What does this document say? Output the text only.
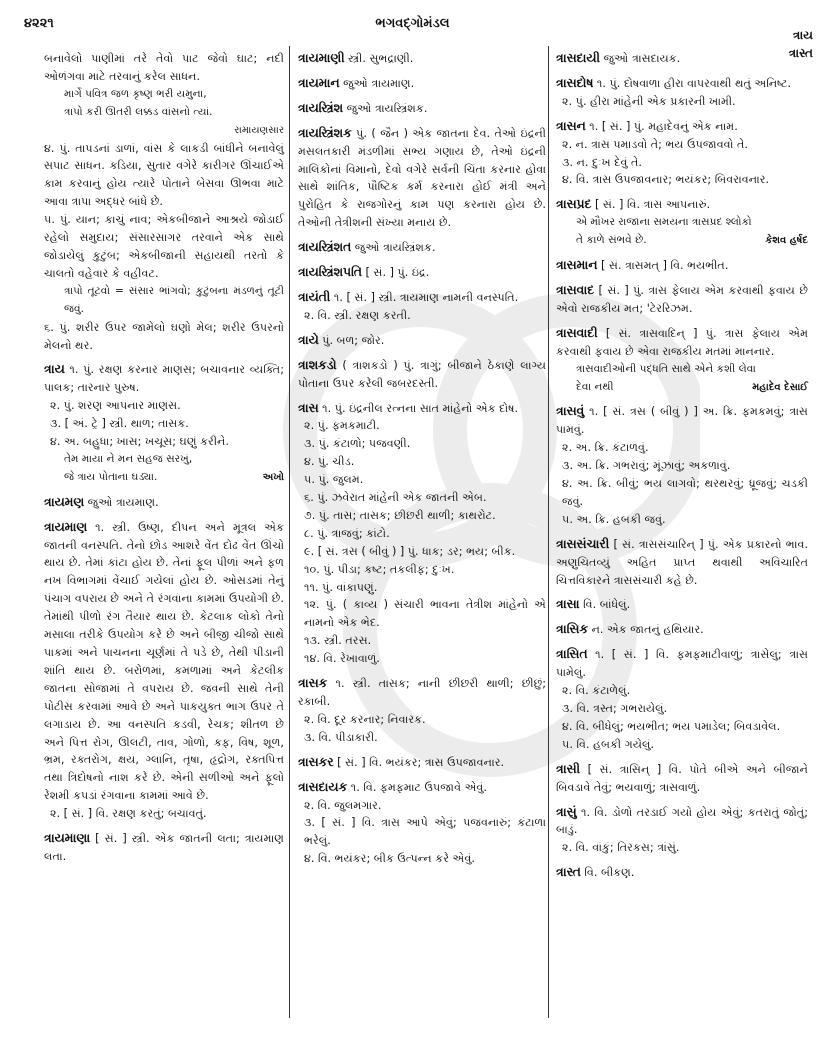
૪૨૨૧	ભગવદ્ગોમંડલ
ત્રાય
ત્રાસ્ત
બનાવેલો પાણીમાં તરે તેવો પાટ જેવો ઘાટ; નદી ઓળંગવા માટે તરવાનું કરેલ સાધન.
માર્ગે પવિત્ર જળ કૃષ્ણ ભરી યમુના,
ત્રાપો કરી ઊતરી લક્કડ વાંસનો ત્યાં.
રામાયણસાર
૪. પું. તાપડનાં ડાળાં, વાંસ કે લાકડી બાંધીને બનાવેલું સપાટ સાધન. કડિયા, સુતાર વગેરે કારીગર ઊંચાઈએ કામ કરવાનું હોય ત્યારે પોતાને બેસવા ઊભવા માટે આવા ત્રાપા અદ્ધર બાંધે છે.
૫. પું. યાન; કાચું નાવ; એકબીજાને આશ્રયે જોડાઈ રહેલો સમુદાય; સંસારસાગર તરવાને એક સાથે જોડાયેલું કુટુંબ; એકબીજાની સહાયથી તરતો કે ચાલતો વહેવાર કે વહીવટ.
ત્રાપો તૂટવો = સંસાર ભાંગવો; કુટુંબના મંડળનું તૂટી જવું.
૬. પું. શરીર ઉપર જામેલો ઘણો મેલ; શરીર ઉપરનો મેલનો થર.
ત્રાય ૧. પું. રક્ષણ કરનાર માણસ; બચાવનાર વ્યક્તિ; પાલક; તારનાર પુરુષ.
૨. પું. શરણ આપનાર માણસ.
૩. [ અં. ટ્રે ] સ્ત્રી. થાળ; તાસક.
૪. અ. બહુધા; ખાસ; ખચૂસ; ઘણું કરીને.
તેમ માયા ને મન સહજ સરખું,
જે ત્રાય પોતાના ઘડ્યા.	અખો
ત્રાયમણ જુઓ ત્રાયમાણ.
ત્રાયમાણ ૧. સ્ત્રી. ઉષ્ણ, દીપન અને મૂત્રલ એક જાતની વનસ્પતિ. તેનો છોડ આશરે વેંત દોઢ વેંત ઊંચો થાય છે. તેમાં કાંટા હોય છે. તેનાં ફૂલ પીળાં અને ફળ નખ વિભાગમાં વેંચાઈ ગયેલાં હોય છે. ઓસડમાં તેનું પંચાગ વપરાય છે અને તે રંગવાના કામમાં ઉપયોગી છે. તેમાંથી પીળો રંગ તૈયાર થાય છે. કેટલાક લોકો તેનો મસાલા તરીકે ઉપયોગ કરે છે અને બીજી ચીજો સાથે પાકમાં અને પાચનના ચૂર્ણમાં તે પડે છે, તેથી પીડાની શાંતિ થાય છે. બરોળમાં, કમળામાં અને કેટલીક જાતના સોજામાં તે વપરાય છે. જવની સાથે તેની પોટીસ કરવામાં આવે છે અને પાકયુક્ત ભાગ ઉપર તે લગાડાય છે. આ વનસ્પતિ કડવી, રેચક; શીતળ છે અને પિત્ત રોગ, ઊલટી, તાવ, ગોળો, કફ, વિષ, શૂળ, ભ્રમ, રક્તરોગ, ક્ષય, ગ્લાનિ, તૃષા, હૃદ્રોગ, રક્તપિત્ત તથા ત્રિદોષનો નાશ કરે છે. એની સળીઓ અને ફૂલો રેશમી કપડાં રંગવાના કામમાં આવે છે.
૨. [ સં. ] વિ. રક્ષણ કરતું; બચાવતું.
ત્રાયમાણા [ સં. ] સ્ત્રી. એક જાતની લતા; ત્રાયમાણ લતા.
ત્રાયમાણી સ્ત્રી. સુભદ્રાણી.
ત્રાયમાન જુઓ ત્રાયમાણ.
ત્રાયસ્ત્રિંશ જુઓ ત્રાયસ્ત્રિંશક.
ત્રાયસ્ત્રિંશક પું. ( જૈન ) એક જાતના દેવ. તેઓ ઇંદ્રની મસલતકારી મંડળીમાં સભ્ય ગણાય છે, તેઓ ઇંદ્રની માલિકોનાં વિમાનો, દેવો વગેરે સર્વની ચિંતા કરનાર હોવા સાથે શાંતિક, પૌષ્ટિક કર્મ કરનારા હોઈ મંત્રી અને પુરોહિત કે રાજગોરનું કામ પણ કરનારા હોય છે. તેઓની તેત્રીશની સંખ્યા મનાય છે.
ત્રાયસ્ત્રિંશત જુઓ ત્રાયસ્ત્રિંશક.
ત્રાયસ્ત્રિંશપતિ [ સં. ] પું. ઇંદ્ર.
ત્રાયંતી ૧. [ સં. ] સ્ત્રી. ત્રાયમાણ નામની વનસ્પતિ.
૨. વિ. સ્ત્રી. રક્ષણ કરતી.
ત્રાયે પું. બળ; જોર.
ત્રાશકડો ( ત્રાશકડો ) પું. ત્રાગું; બીજાને ઠેકાણે લાગ્ય પોતાના ઉપર કરેલી જબરદસ્તી.
ત્રાસ ૧. પું. ઇંદ્રનીલ રત્નના સાત માંહેનો એક દોષ.
૨. પું. ફમકમાટી.
૩. પું. કંટાળો; પજવણી.
૪. પું. ચીડ.
૫. પું. જુલમ.
૬. પું. ઝવેરાત માંહેની એક જાતની એબ.
૭. પું. તાસ; તાસક; છીછરી થાળી; કાથરોટ.
૮. પું. ત્રાજવું; કાંટો.
૯. [ સં. ત્રસ ( બીવું ) ] પું. ધાક; ડર; ભય; બીક.
૧૦. પું. પીડા; કષ્ટ; તકલીફ; દુઃખ.
૧૧. પું. વાંકાપણું.
૧૨. પું. ( કાવ્ય ) સંચારી ભાવના તેત્રીશ માંહેનો એ નામનો એક ભેદ.
૧૩. સ્ત્રી. તરસ.
૧૪. વિ. રેખાવાળું.
ત્રાસક ૧. સ્ત્રી. તાસક; નાની છીછરી થાળી; છીછું; રકાબી.
૨. વિ. દૂર કરનાર; નિવારક.
૩. વિ. પીડાકારી.
ત્રાસકર [ સં. ] વિ. ભયંકર; ત્રાસ ઉપજાવનાર.
ત્રાસદાયક ૧. વિ. ફમફમાટ ઉપજાવે એવું.
૨. વિ. જુલમગાર.
૩. [ સં. ] વિ. ત્રાસ આપે એવું; પજવનારું; કંટાળા ભરેલું.
૪. વિ. ભયંકર; બીક ઉત્પન્ન કરે એવું.
ત્રાસદાયી જુઓ ત્રાસદાયક.
ત્રાસદોષ ૧. પું. દોષવાળા હીરા વાપરવાથી થતું અનિષ્ટ.
૨. પું. હીરા માંહેની એક પ્રકારની ખામી.
ત્રાસન ૧. [ સં. ] પું. મહાદેવનું એક નામ.
૨. ન. ત્રાસ પમાડવો તે; ભય ઉપજાવવો તે.
૩. ન. દુઃખ દેવું તે.
૪. વિ. ત્રાસ ઉપજાવનાર; ભયંકર; બિવરાવનાર.
ત્રાસપ્રદ [ સં. ] વિ. ત્રાસ આપનારું.
એ મૌખર રાજાના સમયના ત્રાસપ્રદ શ્લોકો
તે કાળે સંભવે છે.	કેશવ હર્ષદ
ત્રાસમાન [ સં. ત્રાસમત્ ] વિ. ભયભીત.
ત્રાસવાદ [ સં. ] પું. ત્રાસ ફેલાય એમ કરવાથી ફવાય છે એવો રાજકીય મત; 'ટેરરિઝમ.
ત્રાસવાદી [ સં. ત્રાસવાદિન્ ] પું. ત્રાસ ફેલાય એમ કરવાથી ફવાય છે એવા રાજકીય મતમાં માનનાર.
ત્રાસવાદીઓની પદ્ધતિ સાથે એને કશી લેવા
દેવા નથી	મહાદેવ દેસાઈ
ત્રાસવું ૧. [ સં. ત્રસ ( બીવું ) ] અ. ક્રિ. ફમકમવું; ત્રાસ પામવું.
૨. અ. ક્રિ. કંટાળવું.
૩. અ. ક્રિ. ગભરાવું; મૂંઝાવું; અકળાવું.
૪. અ. ક્રિ. બીવું; ભય લાગવો; થરથરવું; ધ્રૂજવું; ચડકી જવું.
૫. અ. ક્રિ. હબકી જવું.
ત્રાસસંચારી [ સં. ત્રાસસંચારિન્ ] પું. એક પ્રકારનો ભાવ. અણુચિતવ્યું અહિત પ્રાપ્ત થવાથી અવિચારિત ચિત્તવિકારને ત્રાસસંચારી કહે છે.
ત્રાસા વિ. બાંધેલું.
ત્રાસિક ન. એક જાતનું હથિયાર.
ત્રાસિત ૧. [ સં. ] વિ. ફમફમાટીવાળું; ત્રાસેલું; ત્રાસ પામેલું.
૨. વિ. કંટાળેલું.
૩. વિ. ત્રસ્ત; ગભરાયેલું.
૪. વિ. બીધેલું; ભયભીત; ભય પમાડેલ; બિવડાવેલ.
૫. વિ. હબકી ગયેલું.
ત્રાસી [ સં. ત્રાસિન્ ] વિ. પોતે બીએ અને બીજાને બિવડાવે તેવું; ભયવાળું; ત્રાસવાળું.
ત્રાસું ૧. વિ. ડોળો તરડાઈ ગયો હોય એવું; કતરાતું જોતું; બાડું.
૨. વિ. વાંકું; તિરકસ; ત્રાંસું.
ત્રાસ્ત વિ. બીકણ.
